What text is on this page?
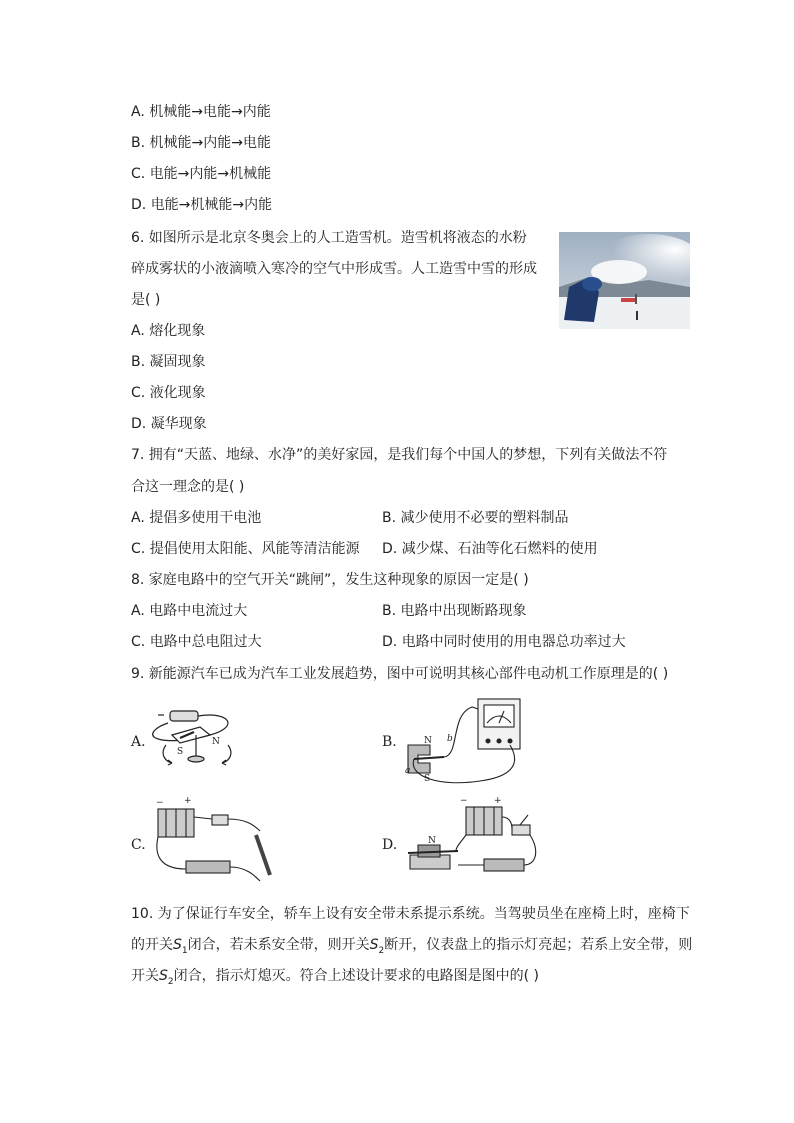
A. 机械能→电能→内能
B. 机械能→内能→电能
C. 电能→内能→机械能
D. 电能→机械能→内能
6. 如图所示是北京冬奥会上的人工造雪机。造雪机将液态的水粉
碎成雾状的小液滴喷入寒冷的空气中形成雪。人工造雪中雪的形成
是( )
A. 熔化现象
B. 凝固现象
C. 液化现象
D. 凝华现象
7. 拥有“天蓝、地绿、水净”的美好家园，是我们每个中国人的梦想，下列有关做法不符
合这一理念的是( )
A. 提倡多使用干电池	B. 减少使用不必要的塑料制品
C. 提倡使用太阳能、风能等清洁能源 D. 减少煤、石油等化石燃料的使用
8. 家庭电路中的空气开关“跳闸”，发生这种现象的原因一定是( )
A. 电路中电流过大	B. 电路中出现断路现象
C. 电路中总电阻过大	D. 电路中同时使用的用电器总功率过大
9. 新能源汽车已成为汽车工业发展趋势，图中可说明其核心部件电动机工作原理是的( )
A.	B.
C.	D.
S
N	N
S
a
b
− +	−	+
N
10. 为了保证行车安全，轿车上设有安全带未系提示系统。当驾驶员坐在座椅上时，座椅下
的开关$S_1$闭合，若未系安全带，则开关$S_2$断开，仪表盘上的指示灯亮起；若系上安全带，则
开关$S_2$闭合，指示灯熄灭。符合上述设计要求的电路图是图中的( )
